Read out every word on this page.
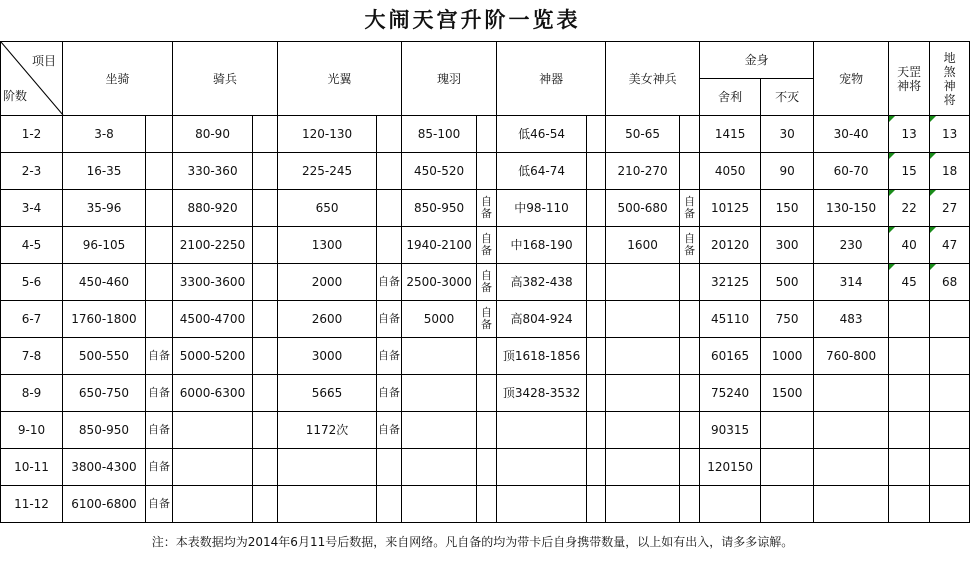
大闹天宫升阶一览表
项目
阶数	坐骑		骑兵		光翼		瑰羽		神器		美女神兵		金身		宠物	天罡神将	地煞神将
													舍利	不灭			
1-2	3-8		80-90		120-130		85-100		低46-54		50-65		1415	30	30-40	13	13
2-3	16-35		330-360		225-245		450-520		低64-74		210-270		4050	90	60-70	15	18
3-4	35-96		880-920		650		850-950	自备	中98-110		500-680	自备	10125	150	130-150	22	27
4-5	96-105		2100-2250		1300		1940-2100	自备	中168-190		1600	自备	20120	300	230	40	47
5-6	450-460		3300-3600		2000	自备	2500-3000	自备	高382-438				32125	500	314	45	68
6-7	1760-1800		4500-4700		2600	自备	5000	自备	高804-924				45110	750	483		
7-8	500-550	自备	5000-5200		3000	自备			顶1618-1856				60165	1000	760-800		
8-9	650-750	自备	6000-6300		5665	自备			顶3428-3532				75240	1500			
9-10	850-950	自备			1172次	自备							90315				
10-11	3800-4300	自备											120150				
11-12	6100-6800	自备															
注：本表数据均为2014年6月11号后数据，来自网络。凡自备的均为带卡后自身携带数量，以上如有出入，请多多谅解。
